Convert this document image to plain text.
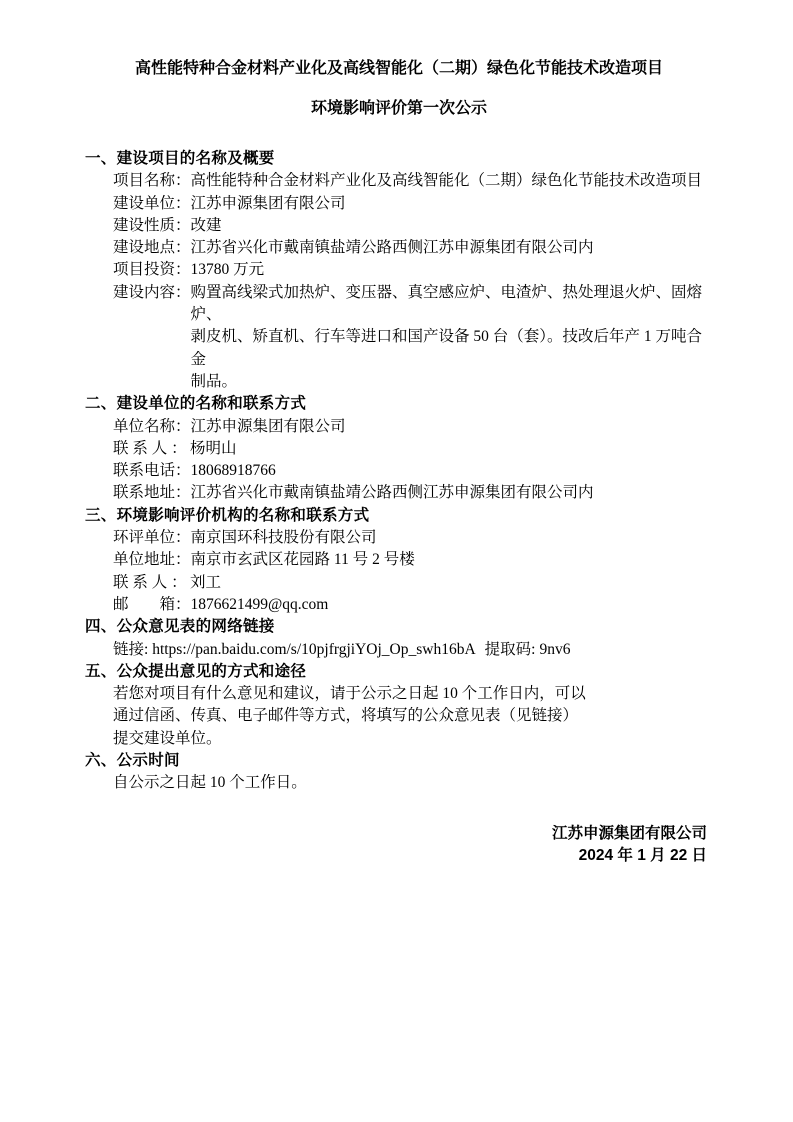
高性能特种合金材料产业化及高线智能化（二期）绿色化节能技术改造项目
环境影响评价第一次公示
一、建设项目的名称及概要
项目名称： 高性能特种合金材料产业化及高线智能化（二期）绿色化节能技术改造项目
建设单位： 江苏申源集团有限公司
建设性质： 改建
建设地点： 江苏省兴化市戴南镇盐靖公路西侧江苏申源集团有限公司内
项目投资： 13780 万元
建设内容： 购置高线梁式加热炉、变压器、真空感应炉、电渣炉、热处理退火炉、固熔炉、
剥皮机、矫直机、行车等进口和国产设备 50 台（套）。技改后年产 1 万吨合金
制品。
二、建设单位的名称和联系方式
单位名称： 江苏申源集团有限公司
联 系 人 ： 杨明山
联系电话： 18068918766
联系地址： 江苏省兴化市戴南镇盐靖公路西侧江苏申源集团有限公司内
三、环境影响评价机构的名称和联系方式
环评单位： 南京国环科技股份有限公司
单位地址： 南京市玄武区花园路 11 号 2 号楼
联 系 人 ： 刘工
邮　　箱： 1876621499@qq.com
四、公众意见表的网络链接
链接: https://pan.baidu.com/s/10pjfrgjiYOj_Op_swh16bA 提取码: 9nv6
五、公众提出意见的方式和途径
若您对项目有什么意见和建议，请于公示之日起 10 个工作日内，可以
通过信函、传真、电子邮件等方式，将填写的公众意见表（见链接）
提交建设单位。
六、公示时间
自公示之日起 10 个工作日。
江苏申源集团有限公司
2024 年 1 月 22 日
